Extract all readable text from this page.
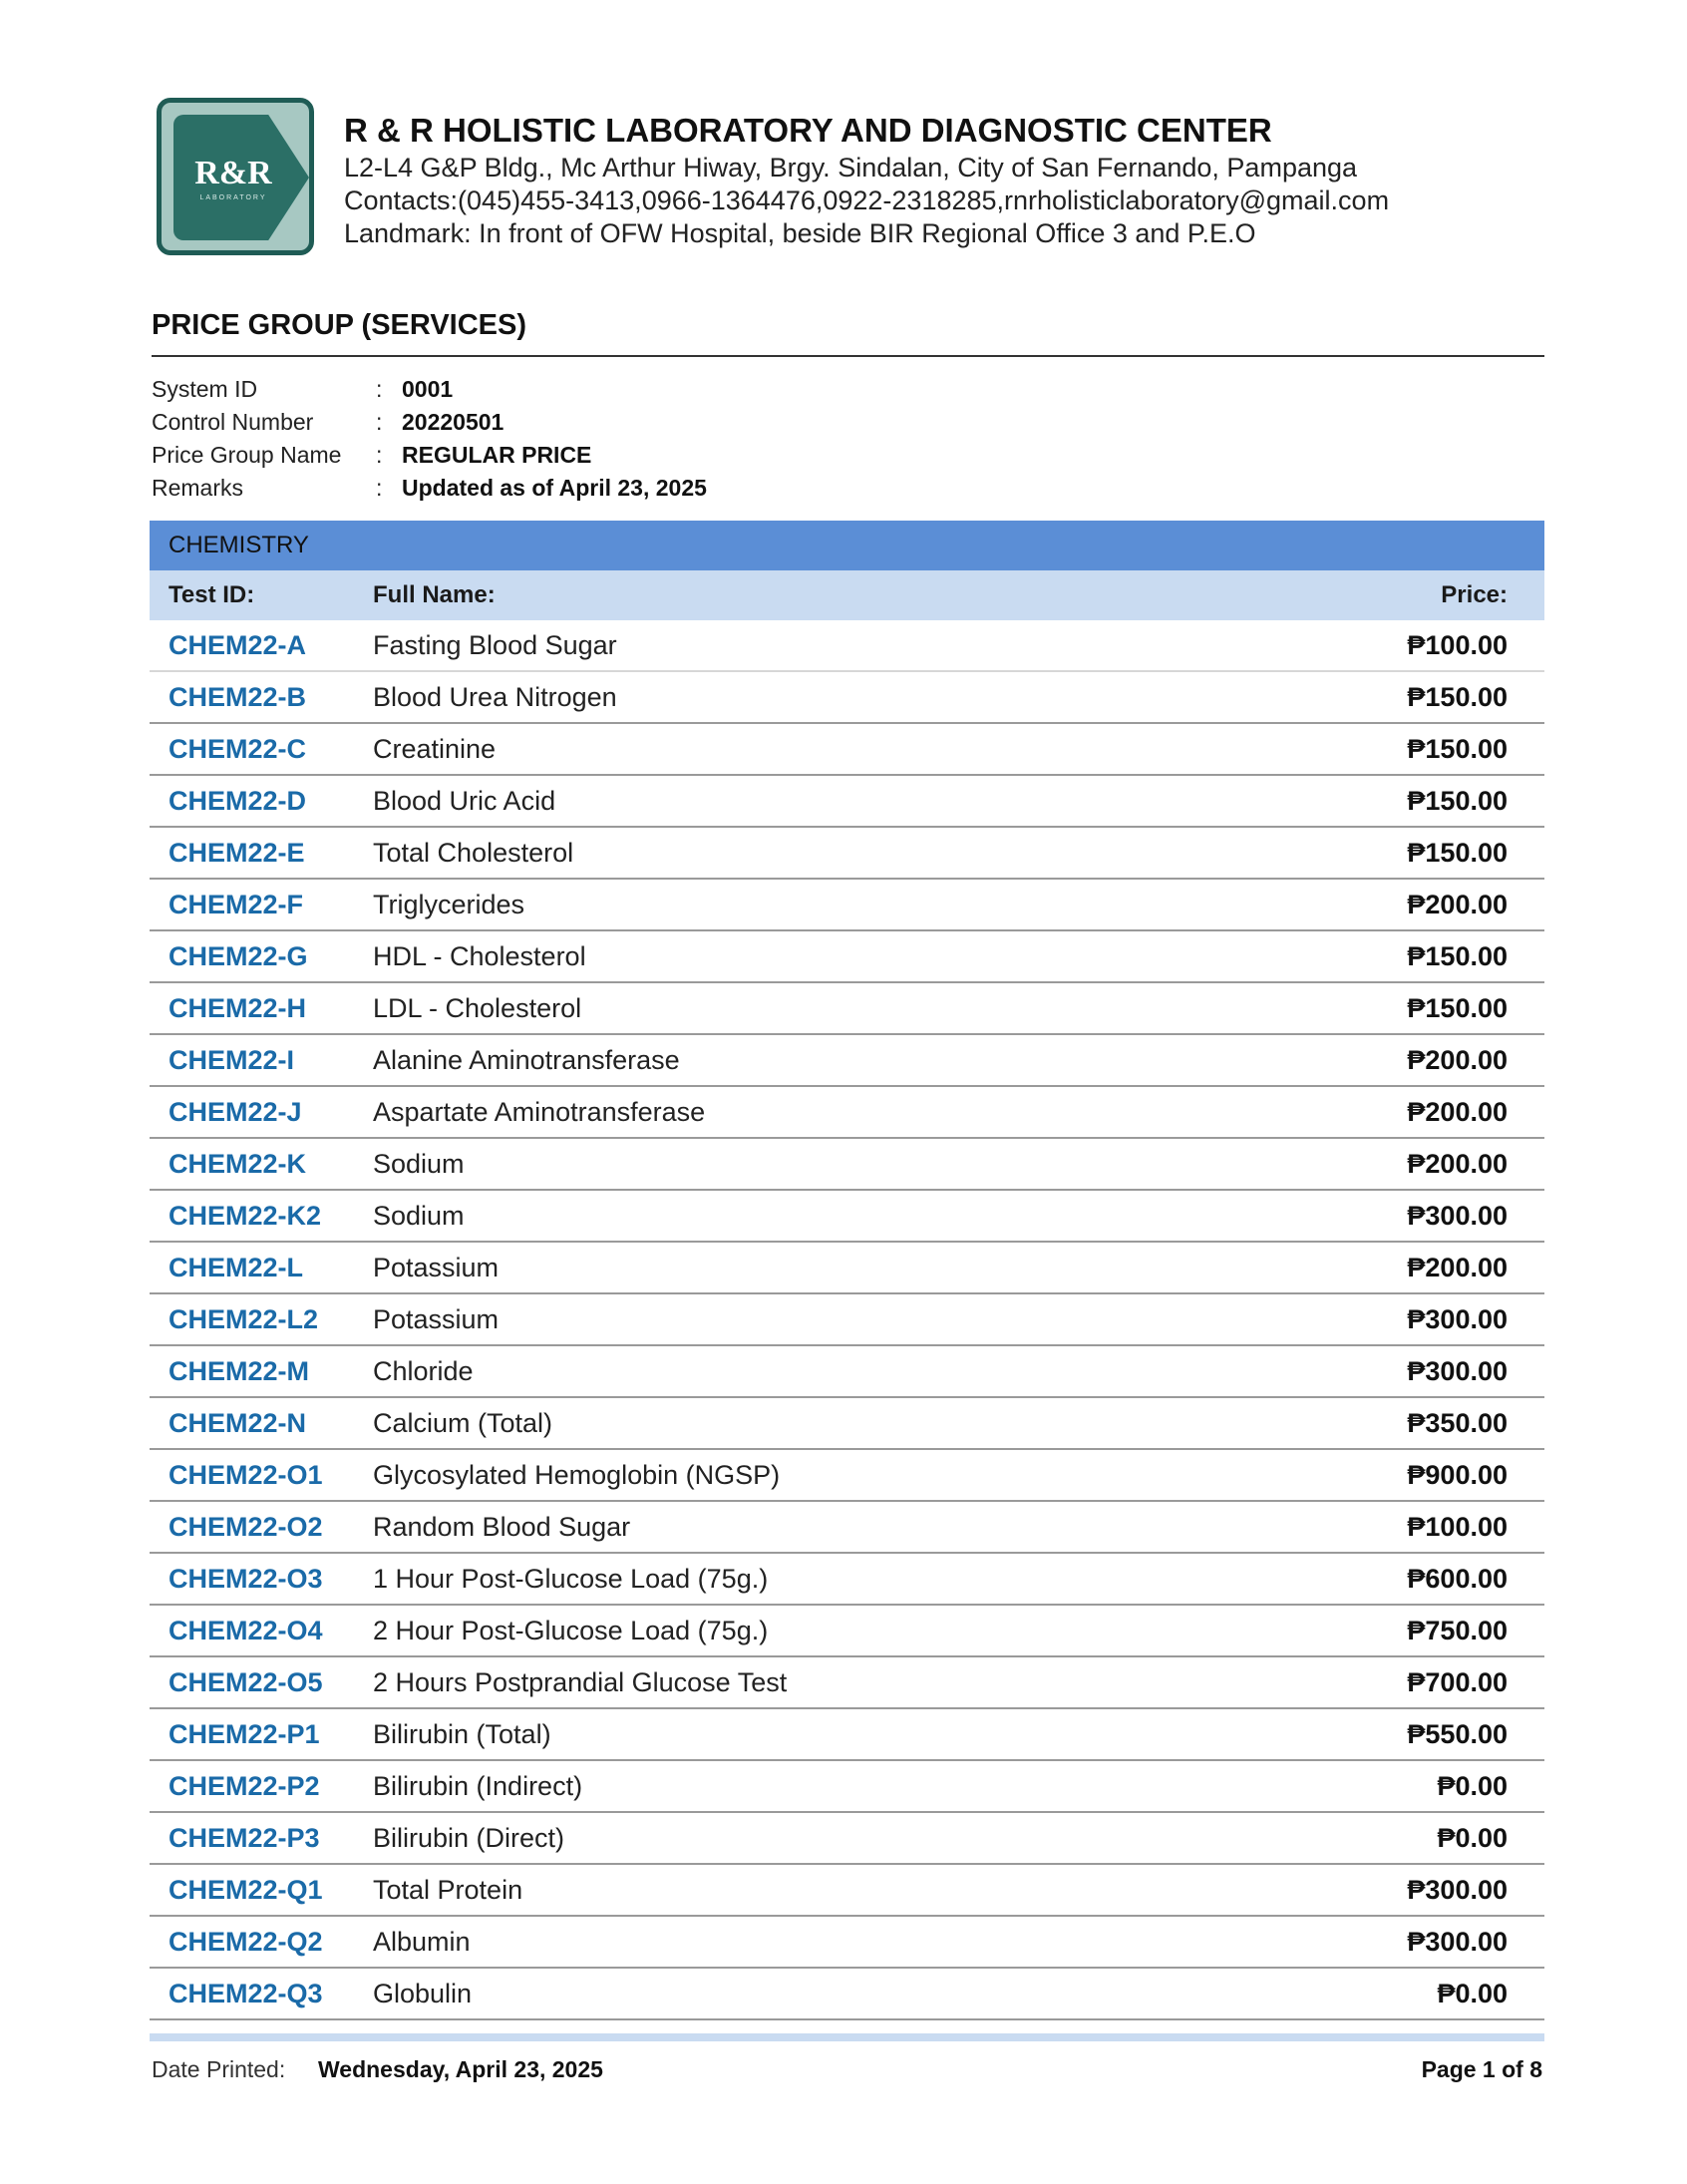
R&R
LABORATORY
R & R HOLISTIC LABORATORY AND DIAGNOSTIC CENTER
L2-L4 G&P Bldg., Mc Arthur Hiway, Brgy. Sindalan, City of San Fernando, Pampanga
Contacts:(045)455-3413,0966-1364476,0922-2318285,rnrholisticlaboratory@gmail.com
Landmark: In front of OFW Hospital, beside BIR Regional Office 3 and P.E.O
PRICE GROUP (SERVICES)
System ID	: 0001
Control Number	: 20220501
Price Group Name	: REGULAR PRICE
Remarks	: Updated as of April 23, 2025
CHEMISTRY
Test ID:	Full Name:	Price:
CHEM22-A	Fasting Blood Sugar	₱100.00
CHEM22-B	Blood Urea Nitrogen	₱150.00
CHEM22-C	Creatinine	₱150.00
CHEM22-D	Blood Uric Acid	₱150.00
CHEM22-E	Total Cholesterol	₱150.00
CHEM22-F	Triglycerides	₱200.00
CHEM22-G	HDL - Cholesterol	₱150.00
CHEM22-H	LDL - Cholesterol	₱150.00
CHEM22-I	Alanine Aminotransferase	₱200.00
CHEM22-J	Aspartate Aminotransferase	₱200.00
CHEM22-K	Sodium	₱200.00
CHEM22-K2	Sodium	₱300.00
CHEM22-L	Potassium	₱200.00
CHEM22-L2	Potassium	₱300.00
CHEM22-M	Chloride	₱300.00
CHEM22-N	Calcium (Total)	₱350.00
CHEM22-O1	Glycosylated Hemoglobin (NGSP)	₱900.00
CHEM22-O2	Random Blood Sugar	₱100.00
CHEM22-O3	1 Hour Post-Glucose Load (75g.)	₱600.00
CHEM22-O4	2 Hour Post-Glucose Load (75g.)	₱750.00
CHEM22-O5	2 Hours Postprandial Glucose Test	₱700.00
CHEM22-P1	Bilirubin (Total)	₱550.00
CHEM22-P2	Bilirubin (Indirect)	₱0.00
CHEM22-P3	Bilirubin (Direct)	₱0.00
CHEM22-Q1	Total Protein	₱300.00
CHEM22-Q2	Albumin	₱300.00
CHEM22-Q3	Globulin	₱0.00
Date Printed: Wednesday, April 23, 2025	Page 1 of 8
